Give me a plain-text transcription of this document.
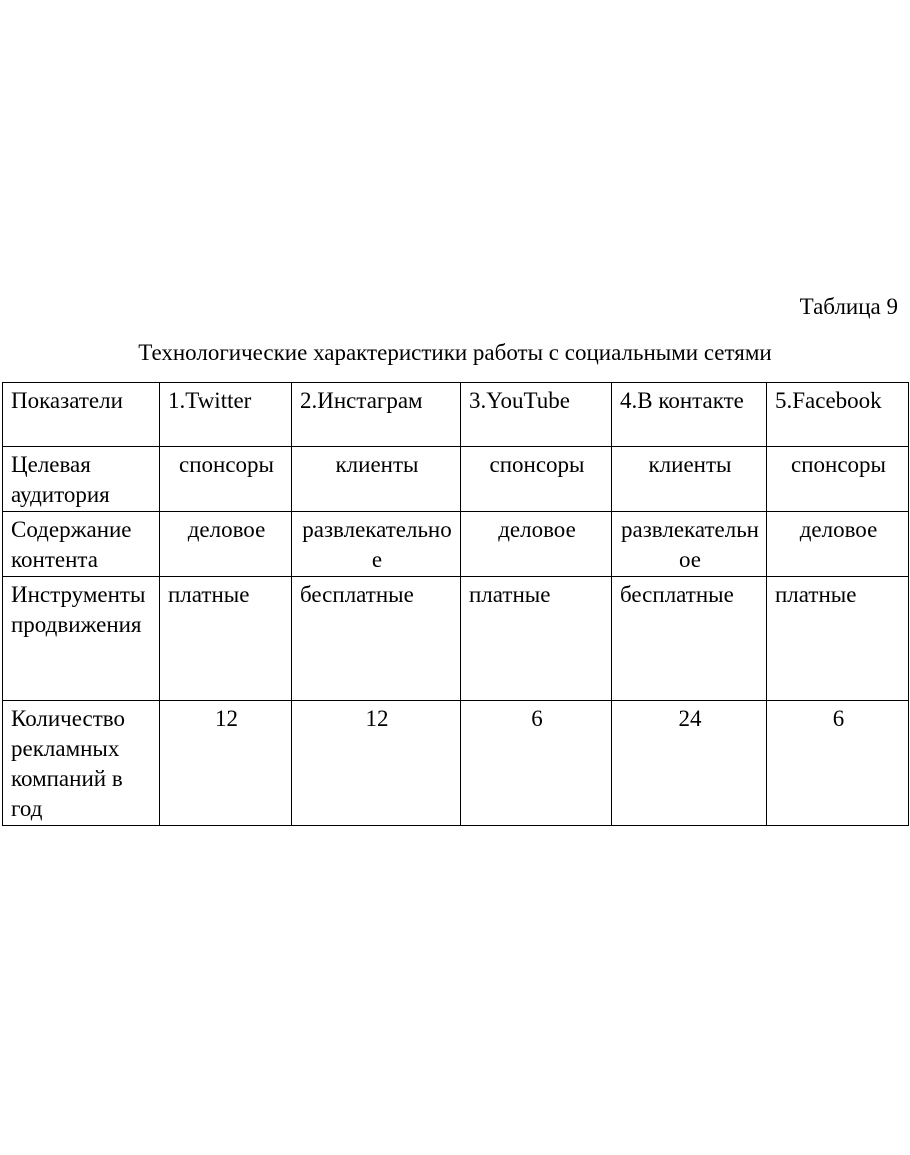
Таблица 9
Технологические характеристики работы с социальными сетями
Показатели	1.Twitter	2.Инстаграм	3.YouTube	4.В контакте	5.Facebook
Целевая аудитория	спонсоры	клиенты	спонсоры	клиенты	спонсоры
Содержание контента	деловое	развлекательное	деловое	развлекательное	деловое
Инструменты продвижения	платные	бесплатные	платные	бесплатные	платные
Количество рекламных компаний в год	12	12	6	24	6
